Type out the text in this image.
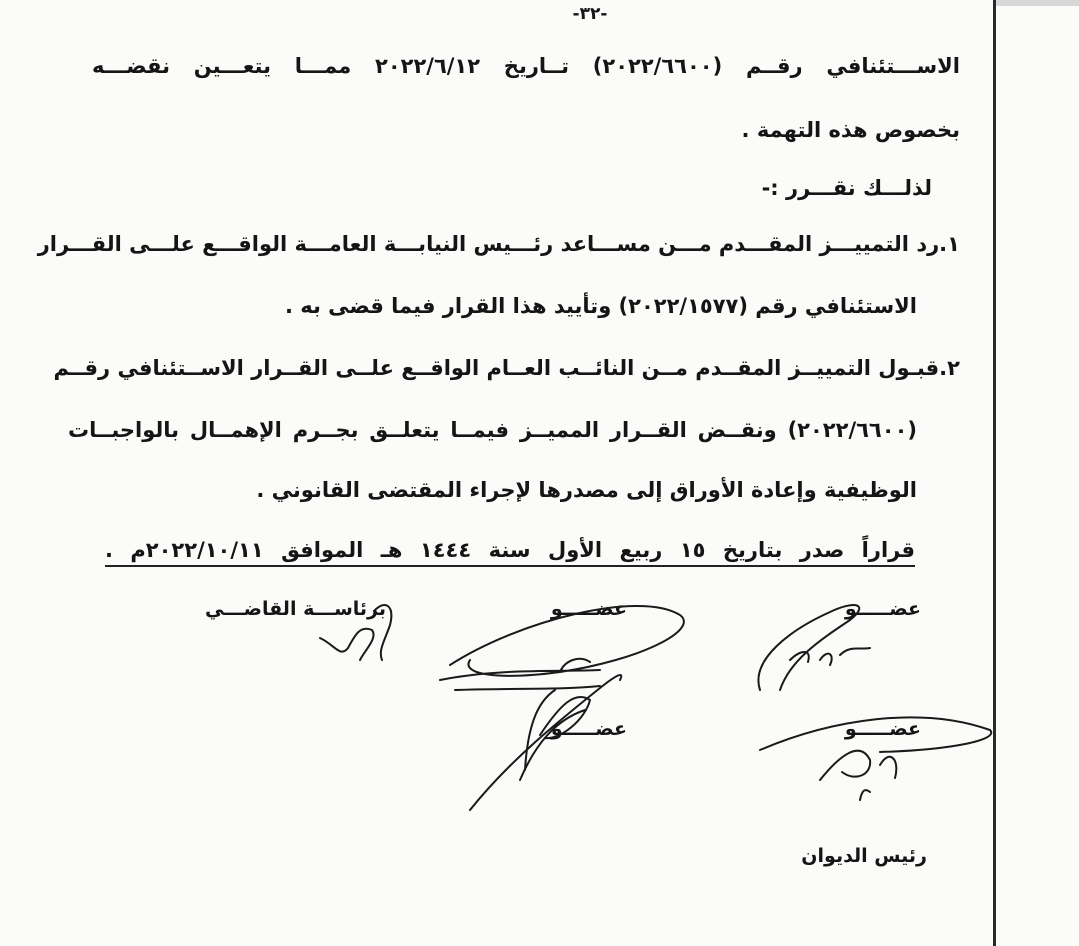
-٣٢-
الاســـتئنافي رقــم (٢٠٢٢/٦٦٠٠) تــاريخ ٢٠٢٢/٦/١٢ ممـــا يتعـــين نقضـــه
بخصوص هذه التهمة .
لذلـــك نقـــرر :-
١.رد التمييـــز المقـــدم مـــن مســـاعد رئـــيس النيابـــة العامـــة الواقـــع علـــى القـــرار
الاستئنافي رقم (٢٠٢٢/١٥٧٧) وتأييد هذا القرار فيما قضى به .
٢.قبـول التمييــز المقــدم مــن النائــب العــام الواقــع علــى القــرار الاســتئنافي رقــم
(٢٠٢٢/٦٦٠٠) ونقــض القــرار المميــز فيمــا يتعلــق بجــرم الإهمــال بالواجبــات
الوظيفية وإعادة الأوراق إلى مصدرها لإجراء المقتضى القانوني .
قراراً صدر بتاريخ ١٥ ربيع الأول سنة ١٤٤٤ هـ الموافق ٢٠٢٢/١٠/١١م .
عضـــــو
عضـــــو
برئاســـة القاضـــي
عضـــــو	عضـــــو
رئيس الديوان
